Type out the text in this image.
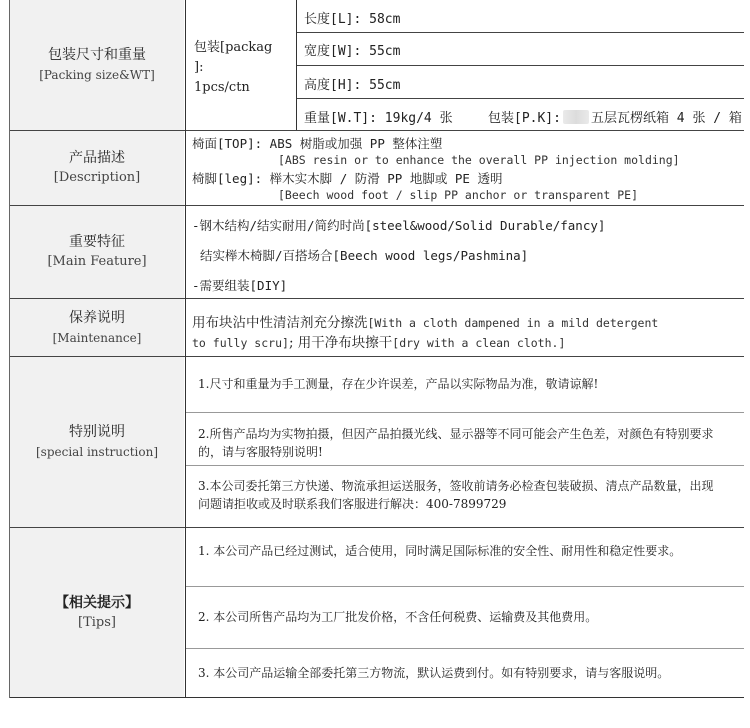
包装尺寸和重量
[Packing size&WT]
包装[packag
]:
1pcs/ctn
长度[L]: 58cm
宽度[W]: 55cm
高度[H]: 55cm
重量[W.T]: 19kg/4 张	包装[P.K]: 五层瓦楞纸箱 4 张 / 箱
产品描述
[Description]
椅面[TOP]: ABS 树脂或加强 PP 整体注塑
[ABS resin or to enhance the overall PP injection molding]
椅脚[leg]: 榉木实木脚 / 防滑 PP 地脚或 PE 透明
[Beech wood foot / slip PP anchor or transparent PE]
重要特征
[Main Feature]
-钢木结构/结实耐用/简约时尚[steel&wood/Solid Durable/fancy]
结实榉木椅脚/百搭场合[Beech wood legs/Pashmina]
-需要组装[DIY]
保养说明
[Maintenance]
用布块沾中性清洁剂充分擦洗[With a cloth dampened in a mild detergent
to fully scru]; 用干净布块擦干[dry with a clean cloth.]
特别说明
[special instruction]
1.尺寸和重量为手工测量，存在少许误差，产品以实际物品为准，敬请谅解!
2.所售产品均为实物拍摄，但因产品拍摄光线、显示器等不同可能会产生色差，对颜色有特别要求的，请与客服特别说明!
3.本公司委托第三方快递、物流承担运送服务，签收前请务必检查包装破损、清点产品数量，出现问题请拒收或及时联系我们客服进行解决：400-7899729
【相关提示】
[Tips]
1. 本公司产品已经过测试，适合使用，同时满足国际标准的安全性、耐用性和稳定性要求。
2. 本公司所售产品均为工厂批发价格，不含任何税费、运输费及其他费用。
3. 本公司产品运输全部委托第三方物流，默认运费到付。如有特别要求，请与客服说明。
